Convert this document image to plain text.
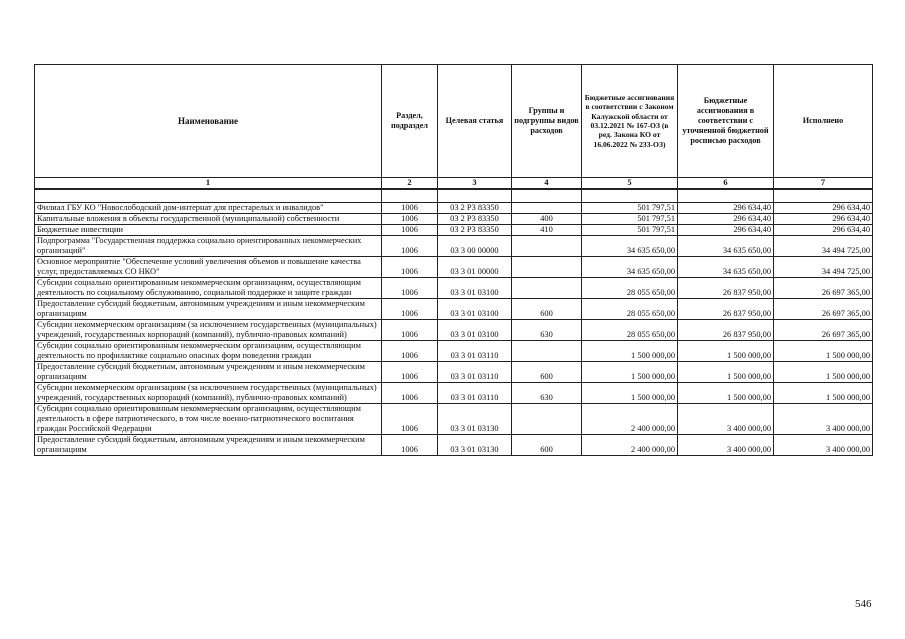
Наименование	Раздел, подраздел	Целевая статья	Группы и подгруппы видов расходов	Бюджетные ассигнования в соответствии с Законом Калужской области от 03.12.2021 № 167-ОЗ (в ред. Закона КО от 16.06.2022 № 233-ОЗ)	Бюджетные ассигнования в соответствии с уточненной бюджетной росписью расходов	Исполнено
1	2	3	4	5	6	7

Филиал ГБУ КО "Новослободский дом-интернат для престарелых и инвалидов"	1006	03 2 P3 83350		501 797,51	296 634,40	296 634,40
Капитальные вложения в объекты государственной (муниципальной) собственности	1006	03 2 P3 83350	400	501 797,51	296 634,40	296 634,40
Бюджетные инвестиции	1006	03 2 P3 83350	410	501 797,51	296 634,40	296 634,40
Подпрограмма "Государственная поддержка социально ориентированных некоммерческих организаций"	1006	03 3 00 00000		34 635 650,00	34 635 650,00	34 494 725,00
Основное мероприятие "Обеспечение условий увеличения объемов и повышение качества услуг, предоставляемых СО НКО"	1006	03 3 01 00000		34 635 650,00	34 635 650,00	34 494 725,00
Субсидии социально ориентированным некоммерческим организациям, осуществляющим деятельность по социальному обслуживанию, социальной поддержке и защите граждан	1006	03 3 01 03100		28 055 650,00	26 837 950,00	26 697 365,00
Предоставление субсидий бюджетным, автономным учреждениям и иным некоммерческим организациям	1006	03 3 01 03100	600	28 055 650,00	26 837 950,00	26 697 365,00
Субсидии некоммерческим организациям (за исключением государственных (муниципальных) учреждений, государственных корпораций (компаний), публично-правовых компаний)	1006	03 3 01 03100	630	28 055 650,00	26 837 950,00	26 697 365,00
Субсидии социально ориентированным некоммерческим организациям, осуществляющим деятельность по профилактике социально опасных форм поведения граждан	1006	03 3 01 03110		1 500 000,00	1 500 000,00	1 500 000,00
Предоставление субсидий бюджетным, автономным учреждениям и иным некоммерческим организациям	1006	03 3 01 03110	600	1 500 000,00	1 500 000,00	1 500 000,00
Субсидии некоммерческим организациям (за исключением государственных (муниципальных) учреждений, государственных корпораций (компаний), публично-правовых компаний)	1006	03 3 01 03110	630	1 500 000,00	1 500 000,00	1 500 000,00
Субсидии социально ориентированным некоммерческим организациям, осуществляющим деятельность в сфере патриотического, в том числе военно-патриотического воспитания граждан Российской Федерации	1006	03 3 01 03130		2 400 000,00	3 400 000,00	3 400 000,00
Предоставление субсидий бюджетным, автономным учреждениям и иным некоммерческим организациям	1006	03 3 01 03130	600	2 400 000,00	3 400 000,00	3 400 000,00
546
